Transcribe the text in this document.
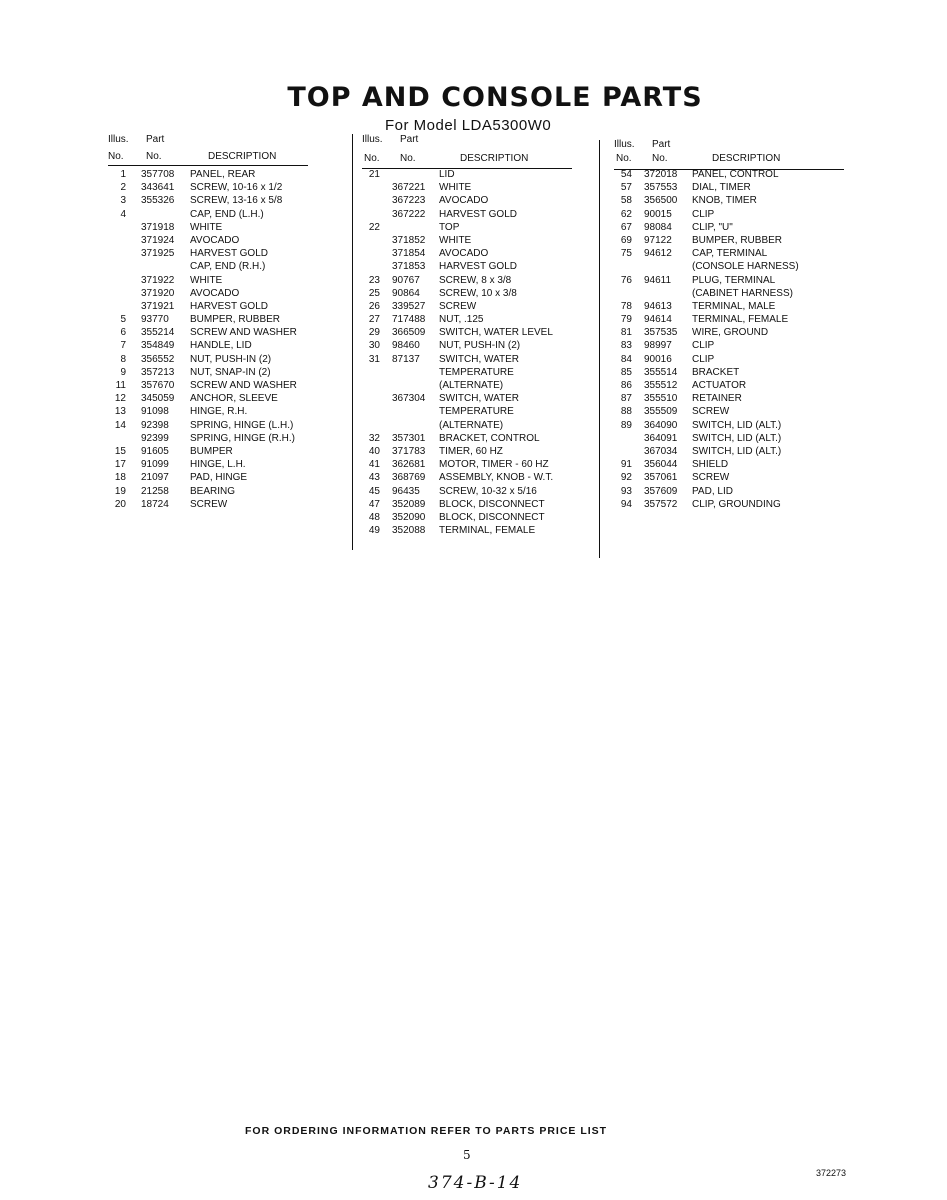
TOP AND CONSOLE PARTS
For Model LDA5300W0
Illus. Part
No. No.	DESCRIPTION
1 357708 PANEL, REAR
2 343641 SCREW, 10-16 x 1/2
3 355326 SCREW, 13-16 x 5/8
4	CAP, END (L.H.)
371918 WHITE
371924 AVOCADO
371925 HARVEST GOLD
CAP, END (R.H.)
371922 WHITE
371920 AVOCADO
371921 HARVEST GOLD
5 93770 BUMPER, RUBBER
6 355214 SCREW AND WASHER
7 354849 HANDLE, LID
8 356552 NUT, PUSH-IN (2)
9 357213 NUT, SNAP-IN (2)
11 357670 SCREW AND WASHER
12 345059 ANCHOR, SLEEVE
13 91098 HINGE, R.H.
14 92398 SPRING, HINGE (L.H.)
92399 SPRING, HINGE (R.H.)
15 91605 BUMPER
17 91099 HINGE, L.H.
18 21097 PAD, HINGE
19 21258 BEARING
20 18724 SCREW
Illus. Part
No. No.	DESCRIPTION
21	LID
367221 WHITE
367223 AVOCADO
367222 HARVEST GOLD
22	TOP
371852 WHITE
371854 AVOCADO
371853 HARVEST GOLD
23 90767 SCREW, 8 x 3/8
25 90864 SCREW, 10 x 3/8
26 339527 SCREW
27 717488 NUT, .125
29 366509 SWITCH, WATER LEVEL
30 98460 NUT, PUSH-IN (2)
31 87137 SWITCH, WATER
TEMPERATURE
(ALTERNATE)
367304 SWITCH, WATER
TEMPERATURE
(ALTERNATE)
32 357301 BRACKET, CONTROL
40 371783 TIMER, 60 HZ
41 362681 MOTOR, TIMER - 60 HZ
43 368769 ASSEMBLY, KNOB - W.T.
45 96435 SCREW, 10-32 x 5/16
47 352089 BLOCK, DISCONNECT
48 352090 BLOCK, DISCONNECT
49 352088 TERMINAL, FEMALE
Illus. Part
No. No.	DESCRIPTION
54 372018 PANEL, CONTROL
57 357553 DIAL, TIMER
58 356500 KNOB, TIMER
62 90015 CLIP
67 98084 CLIP, "U"
69 97122 BUMPER, RUBBER
75 94612 CAP, TERMINAL
(CONSOLE HARNESS)
76 94611 PLUG, TERMINAL
(CABINET HARNESS)
78 94613 TERMINAL, MALE
79 94614 TERMINAL, FEMALE
81 357535 WIRE, GROUND
83 98997 CLIP
84 90016 CLIP
85 355514 BRACKET
86 355512 ACTUATOR
87 355510 RETAINER
88 355509 SCREW
89 364090 SWITCH, LID (ALT.)
364091 SWITCH, LID (ALT.)
367034 SWITCH, LID (ALT.)
91 356044 SHIELD
92 357061 SCREW
93 357609 PAD, LID
94 357572 CLIP, GROUNDING
FOR ORDERING INFORMATION REFER TO PARTS PRICE LIST
5
374-B-14	372273
